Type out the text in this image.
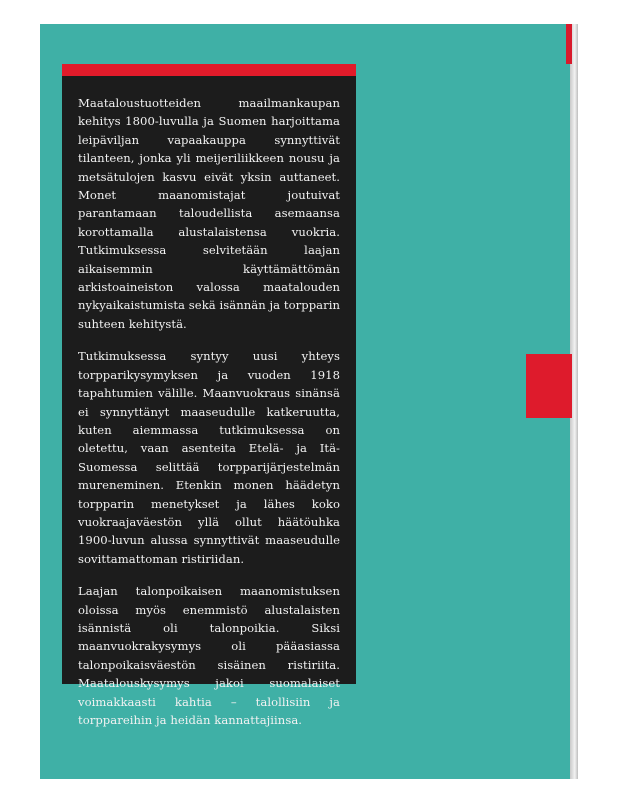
Maataloustuotteiden maailmankaupan kehitys 1800-luvulla ja Suomen harjoittama leipäviljan vapaakauppa synnyttivät tilanteen, jonka yli meijeriliikkeen nousu ja metsätulojen kasvu eivät yksin auttaneet. Monet maanomistajat joutuivat parantamaan taloudellista asemaansa korottamalla alustalaistensa vuokria. Tutkimuksessa selvitetään laajan aikaisemmin käyttämättömän arkistoaineiston valossa maatalouden nykyaikaistumista sekä isännän ja torpparin suhteen kehitystä.

Tutkimuksessa syntyy uusi yhteys torpparikysymyksen ja vuoden 1918 tapahtumien välille. Maanvuokraus sinänsä ei synnyttänyt maaseudulle katkeruutta, kuten aiemmassa tutkimuksessa on oletettu, vaan asenteita Etelä- ja Itä-Suomessa selittää torpparijärjestelmän mureneminen. Etenkin monen häädetyn torpparin menetykset ja lähes koko vuokraajaväestön yllä ollut häätöuhka 1900-luvun alussa synnyttivät maaseudulle sovittamattoman ristiriidan.

Laajan talonpoikaisen maanomistuksen oloissa myös enemmistö alustalaisten isännistä oli talonpoikia. Siksi maanvuokrakysymys oli pääasiassa talonpoikaisväestön sisäinen ristiriita. Maatalouskysymys jakoi suomalaiset voimakkaasti kahtia – talollisiin ja torppareihin ja heidän kannattajiinsa.
